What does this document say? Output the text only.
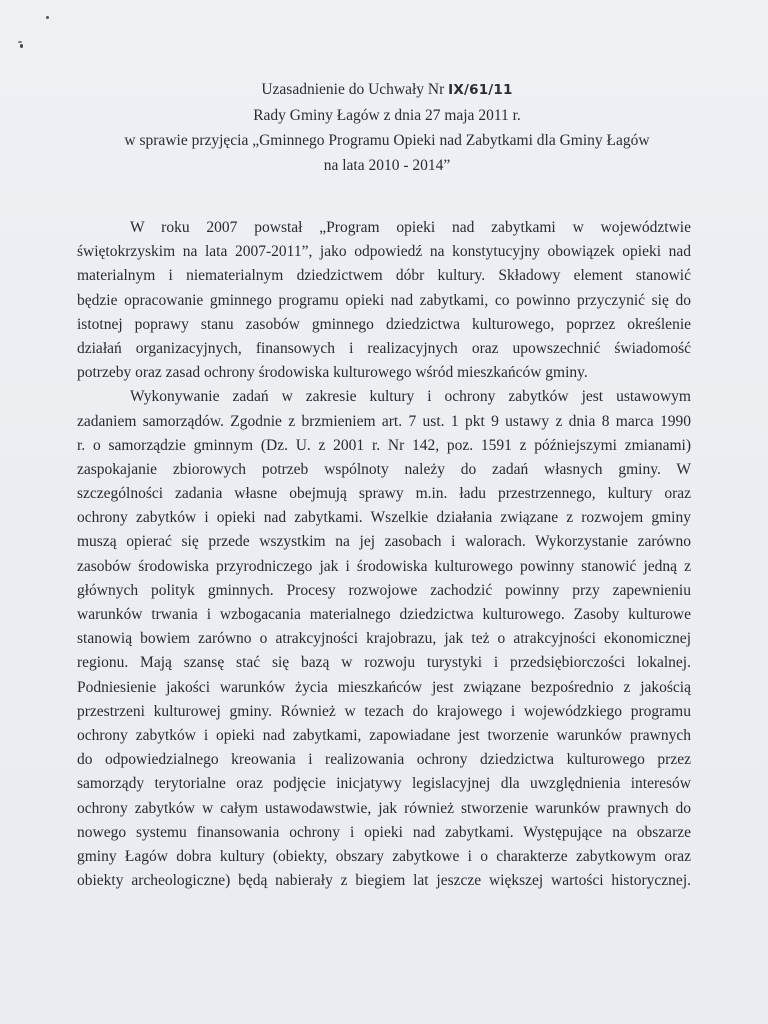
Uzasadnienie do Uchwały Nr IX/61/11
Rady Gminy Łagów z dnia 27 maja 2011 r.
w sprawie przyjęcia „Gminnego Programu Opieki nad Zabytkami dla Gminy Łagów
na lata 2010 - 2014”
W roku 2007 powstał „Program opieki nad zabytkami w województwie
świętokrzyskim na lata 2007-2011”, jako odpowiedź na konstytucyjny obowiązek opieki nad
materialnym i niematerialnym dziedzictwem dóbr kultury. Składowy element stanowić
będzie opracowanie gminnego programu opieki nad zabytkami, co powinno przyczynić się do
istotnej poprawy stanu zasobów gminnego dziedzictwa kulturowego, poprzez określenie
działań organizacyjnych, finansowych i realizacyjnych oraz upowszechnić świadomość
potrzeby oraz zasad ochrony środowiska kulturowego wśród mieszkańców gminy.
Wykonywanie zadań w zakresie kultury i ochrony zabytków jest ustawowym
zadaniem samorządów. Zgodnie z brzmieniem art. 7 ust. 1 pkt 9 ustawy z dnia 8 marca 1990
r. o samorządzie gminnym (Dz. U. z 2001 r. Nr 142, poz. 1591 z późniejszymi zmianami)
zaspokajanie zbiorowych potrzeb wspólnoty należy do zadań własnych gminy. W
szczególności zadania własne obejmują sprawy m.in. ładu przestrzennego, kultury oraz
ochrony zabytków i opieki nad zabytkami. Wszelkie działania związane z rozwojem gminy
muszą opierać się przede wszystkim na jej zasobach i walorach. Wykorzystanie zarówno
zasobów środowiska przyrodniczego jak i środowiska kulturowego powinny stanowić jedną z
głównych polityk gminnych. Procesy rozwojowe zachodzić powinny przy zapewnieniu
warunków trwania i wzbogacania materialnego dziedzictwa kulturowego. Zasoby kulturowe
stanowią bowiem zarówno o atrakcyjności krajobrazu, jak też o atrakcyjności ekonomicznej
regionu. Mają szansę stać się bazą w rozwoju turystyki i przedsiębiorczości lokalnej.
Podniesienie jakości warunków życia mieszkańców jest związane bezpośrednio z jakością
przestrzeni kulturowej gminy. Również w tezach do krajowego i wojewódzkiego programu
ochrony zabytków i opieki nad zabytkami, zapowiadane jest tworzenie warunków prawnych
do odpowiedzialnego kreowania i realizowania ochrony dziedzictwa kulturowego przez
samorządy terytorialne oraz podjęcie inicjatywy legislacyjnej dla uwzględnienia interesów
ochrony zabytków w całym ustawodawstwie, jak również stworzenie warunków prawnych do
nowego systemu finansowania ochrony i opieki nad zabytkami. Występujące na obszarze
gminy Łagów dobra kultury (obiekty, obszary zabytkowe i o charakterze zabytkowym oraz
obiekty archeologiczne) będą nabierały z biegiem lat jeszcze większej wartości historycznej.
